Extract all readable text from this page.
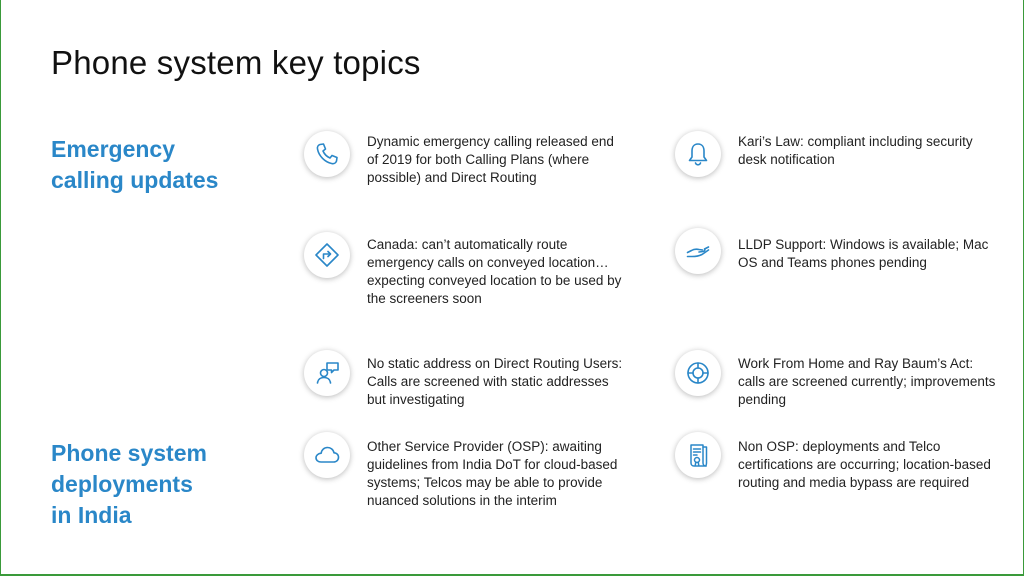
Phone system key topics
Emergency
calling updates
Phone system
deployments
in India
Dynamic emergency calling released end of 2019 for both Calling Plans (where possible) and Direct Routing
Kari’s Law: compliant including security desk notification
Canada: can’t automatically route emergency calls on conveyed location… expecting conveyed location to be used by the screeners soon
LLDP Support: Windows is available; Mac OS and Teams phones pending
No static address on Direct Routing Users: Calls are screened with static addresses but investigating
Work From Home and Ray Baum’s Act: calls are screened currently; improvements pending
Other Service Provider (OSP): awaiting guidelines from India DoT for cloud-based systems; Telcos may be able to provide nuanced solutions in the interim
Non OSP: deployments and Telco certifications are occurring; location-based routing and media bypass are required
